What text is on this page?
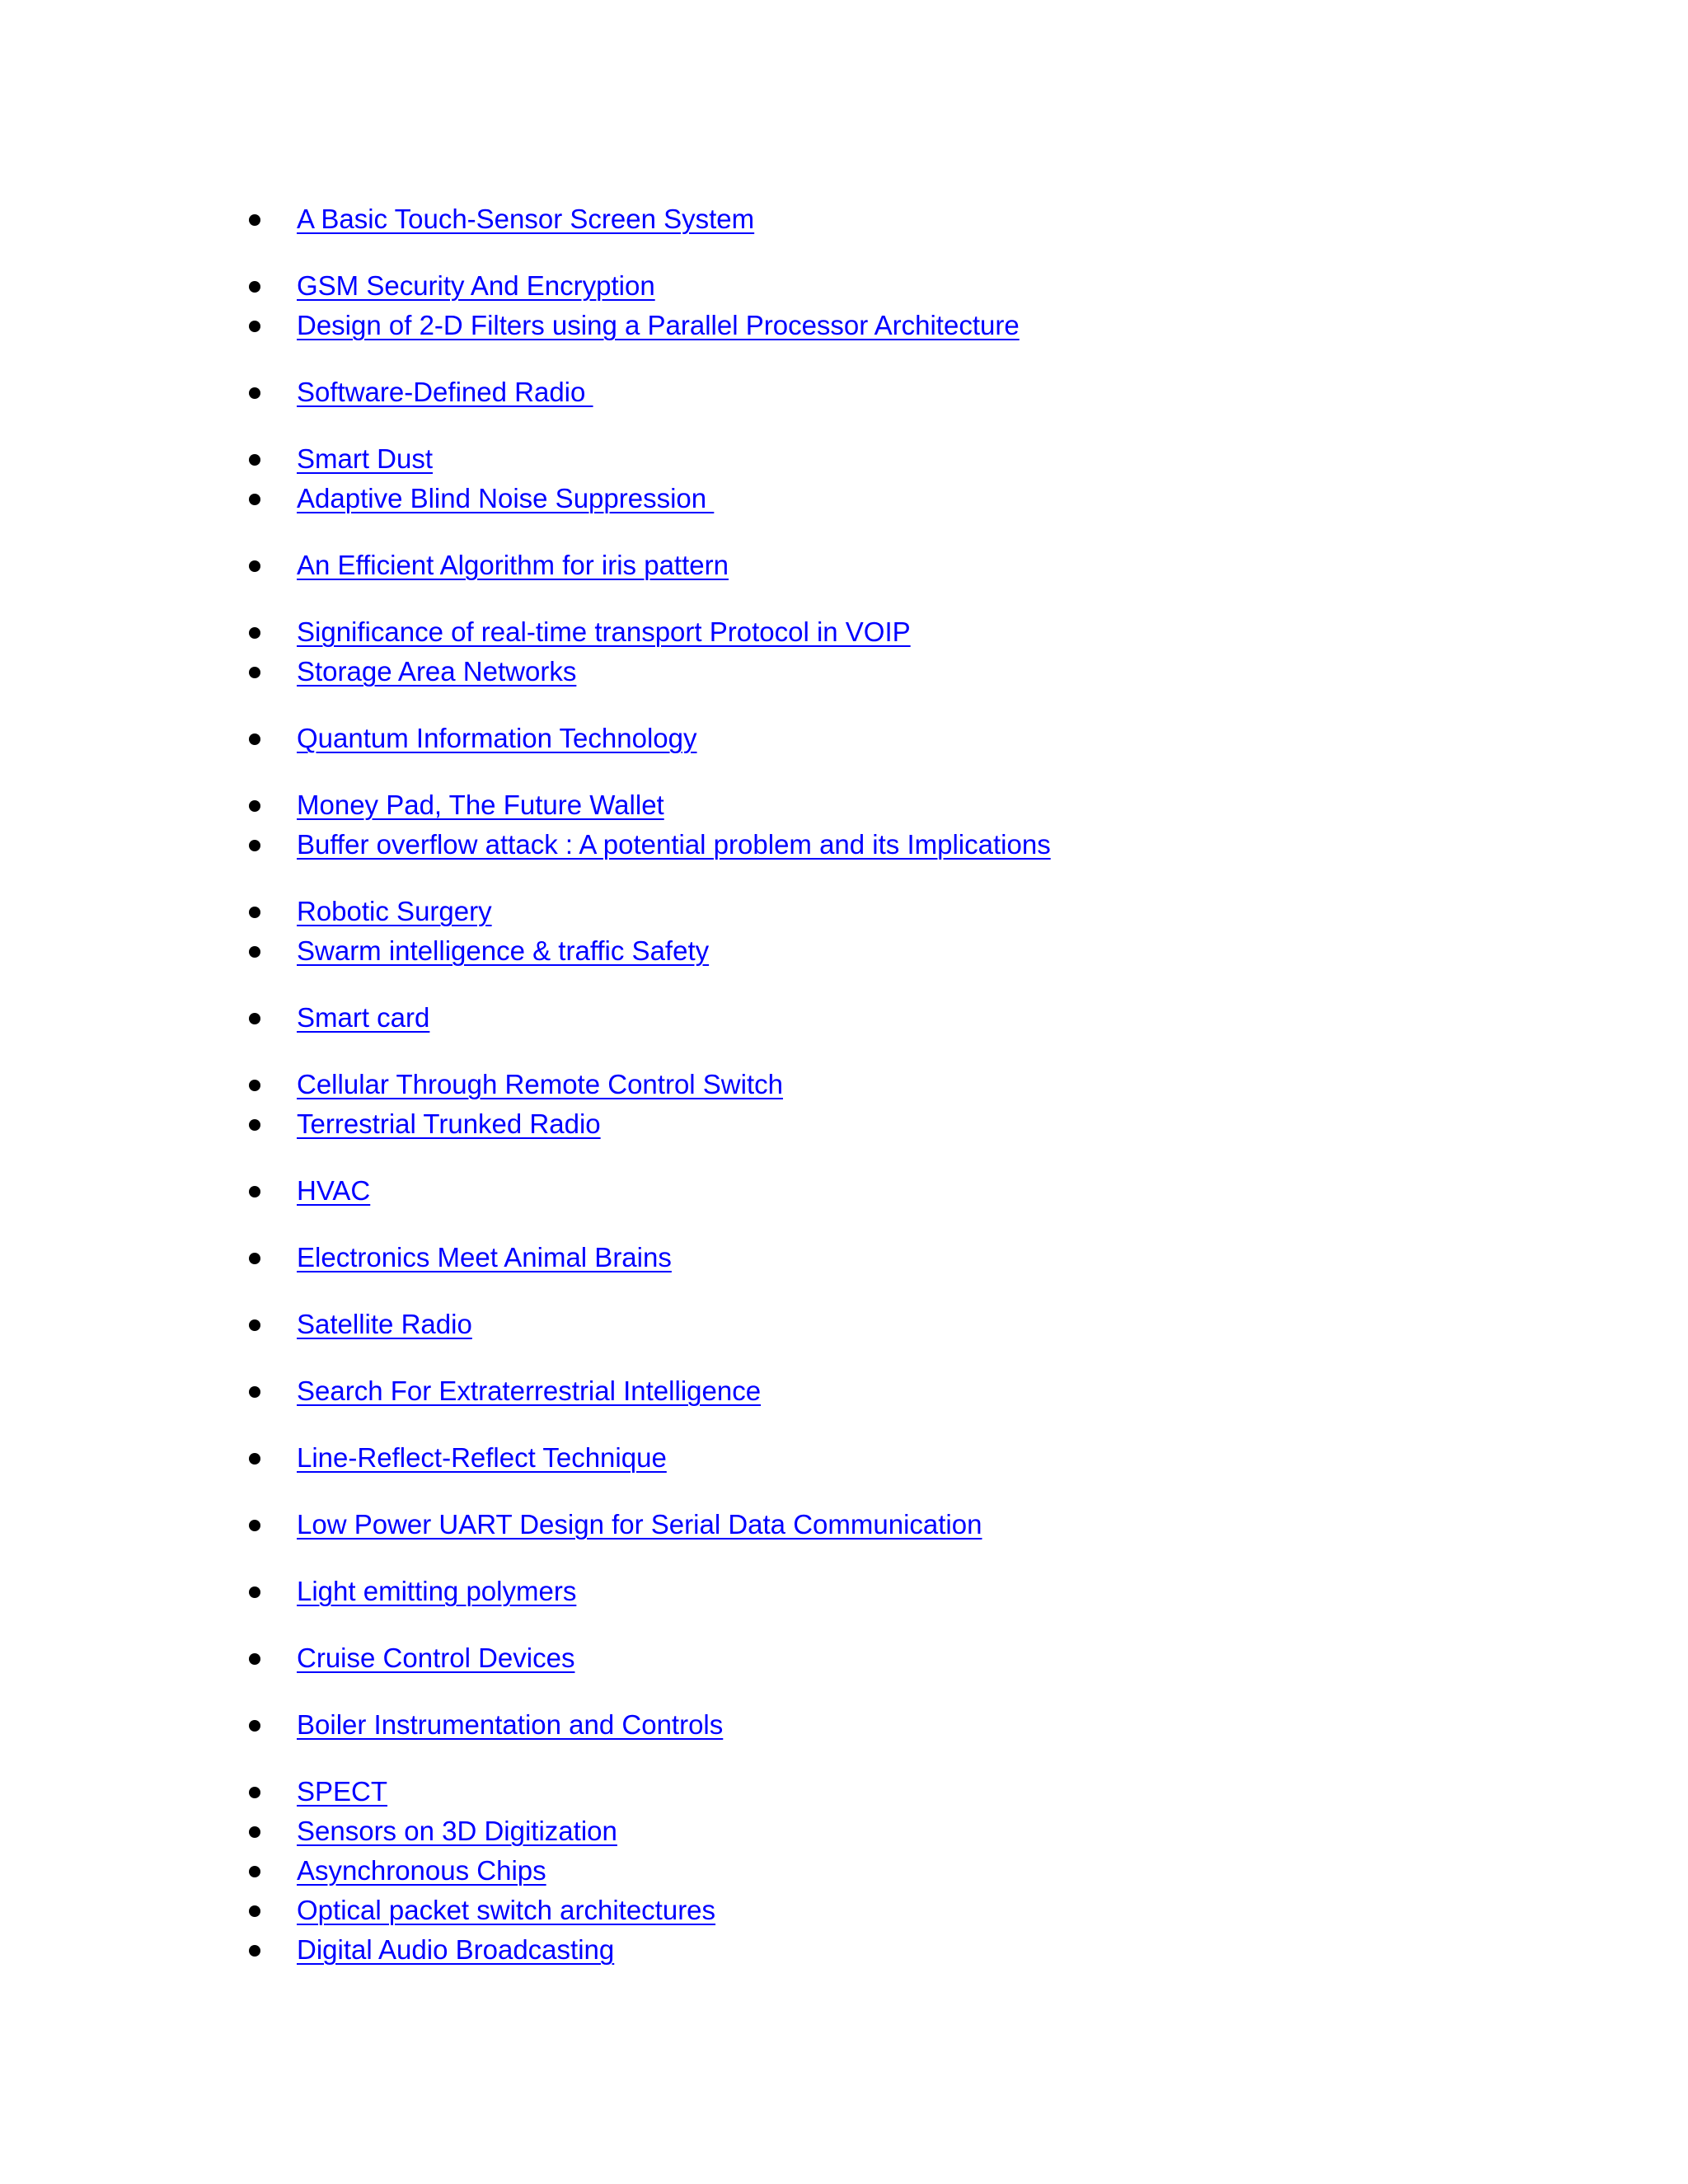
A Basic Touch-Sensor Screen System
GSM Security And Encryption
Design of 2-D Filters using a Parallel Processor Architecture
Software-Defined Radio
Smart Dust
Adaptive Blind Noise Suppression
An Efficient Algorithm for iris pattern
Significance of real-time transport Protocol in VOIP
Storage Area Networks
Quantum Information Technology
Money Pad, The Future Wallet
Buffer overflow attack : A potential problem and its Implications
Robotic Surgery
Swarm intelligence & traffic Safety
Smart card
Cellular Through Remote Control Switch
Terrestrial Trunked Radio
HVAC
Electronics Meet Animal Brains
Satellite Radio
Search For Extraterrestrial Intelligence
Line-Reflect-Reflect Technique
Low Power UART Design for Serial Data Communication
Light emitting polymers
Cruise Control Devices
Boiler Instrumentation and Controls
SPECT
Sensors on 3D Digitization
Asynchronous Chips
Optical packet switch architectures
Digital Audio Broadcasting
